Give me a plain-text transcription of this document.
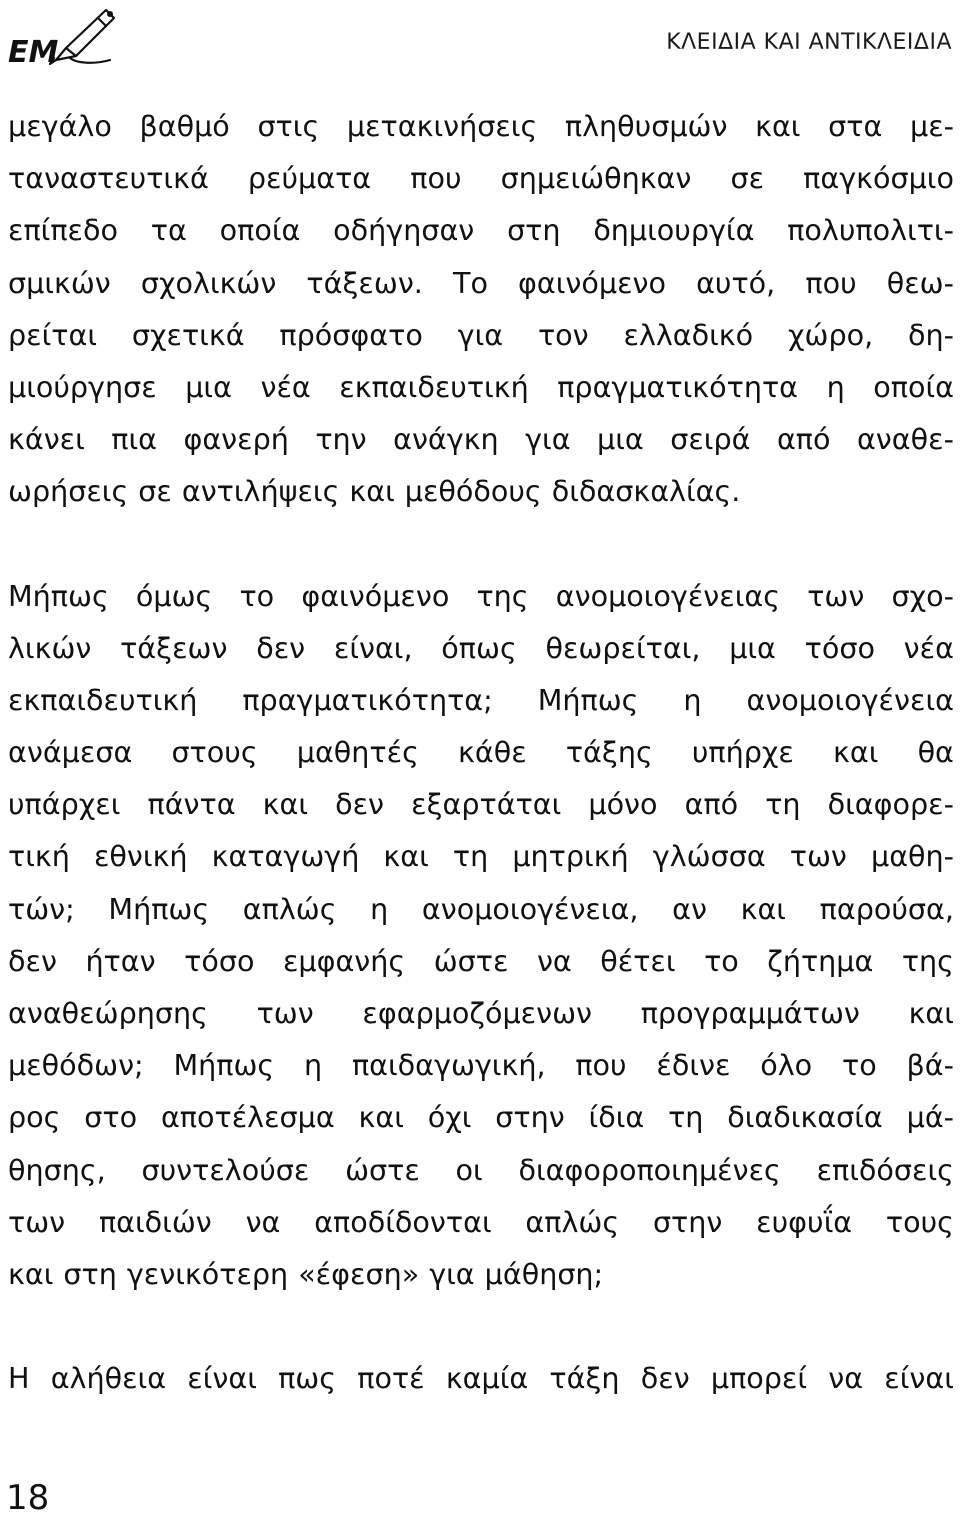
ΕΜ	ΚΛΕΙΔΙΑ ΚΑΙ ΑΝΤΙΚΛΕΙΔΙΑ
μεγάλο βαθμό στις μετακινήσεις πληθυσμών και στα με-
ταναστευτικά ρεύματα που σημειώθηκαν σε παγκόσμιο
επίπεδο τα οποία οδήγησαν στη δημιουργία πολυπολιτι-
σμικών σχολικών τάξεων. Το φαινόμενο αυτό, που θεω-
ρείται σχετικά πρόσφατο για τον ελλαδικό χώρο, δη-
μιούργησε μια νέα εκπαιδευτική πραγματικότητα η οποία
κάνει πια φανερή την ανάγκη για μια σειρά από αναθε-
ωρήσεις σε αντιλήψεις και μεθόδους διδασκαλίας.
Μήπως όμως το φαινόμενο της ανομοιογένειας των σχο-
λικών τάξεων δεν είναι, όπως θεωρείται, μια τόσο νέα
εκπαιδευτική πραγματικότητα; Μήπως η ανομοιογένεια
ανάμεσα στους μαθητές κάθε τάξης υπήρχε και θα
υπάρχει πάντα και δεν εξαρτάται μόνο από τη διαφορε-
τική εθνική καταγωγή και τη μητρική γλώσσα των μαθη-
τών; Μήπως απλώς η ανομοιογένεια, αν και παρούσα,
δεν ήταν τόσο εμφανής ώστε να θέτει το ζήτημα της
αναθεώρησης των εφαρμοζόμενων προγραμμάτων και
μεθόδων; Μήπως η παιδαγωγική, που έδινε όλο το βά-
ρος στο αποτέλεσμα και όχι στην ίδια τη διαδικασία μά-
θησης, συντελούσε ώστε οι διαφοροποιημένες επιδόσεις
των παιδιών να αποδίδονται απλώς στην ευφυΐα τους
και στη γενικότερη «έφεση» για μάθηση;
Η αλήθεια είναι πως ποτέ καμία τάξη δεν μπορεί να είναι
18
